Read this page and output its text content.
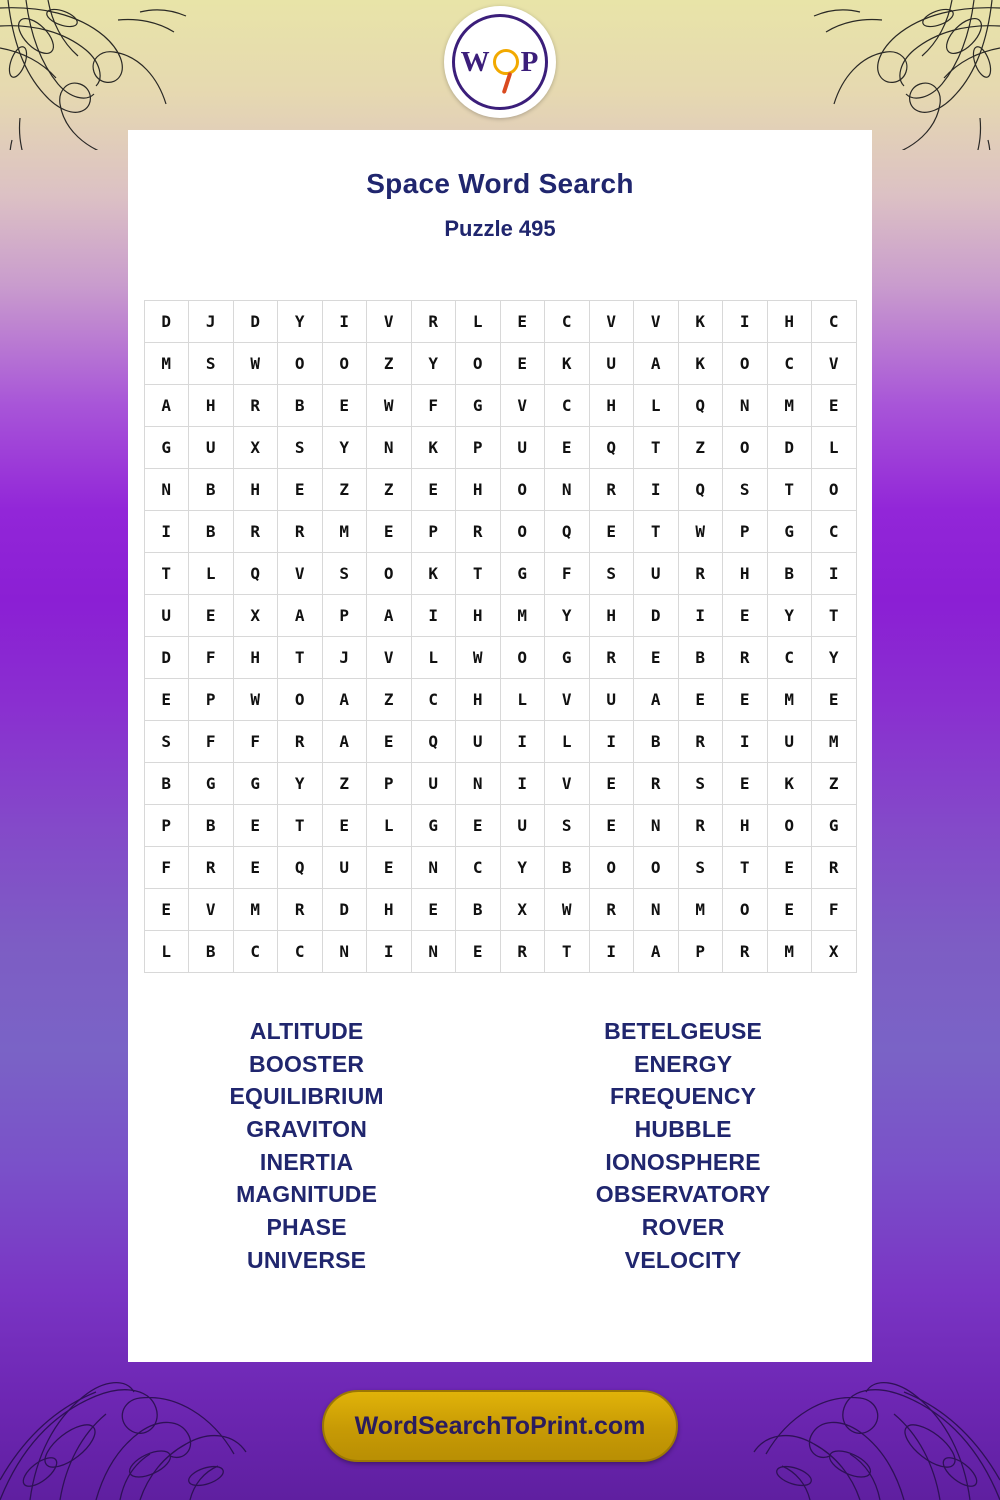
W P
Space Word Search
Puzzle 495
D	J	D	Y	I	V	R	L	E	C	V	V	K	I	H	C
M	S	W	O	O	Z	Y	O	E	K	U	A	K	O	C	V
A	H	R	B	E	W	F	G	V	C	H	L	Q	N	M	E
G	U	X	S	Y	N	K	P	U	E	Q	T	Z	O	D	L
N	B	H	E	Z	Z	E	H	O	N	R	I	Q	S	T	O
I	B	R	R	M	E	P	R	O	Q	E	T	W	P	G	C
T	L	Q	V	S	O	K	T	G	F	S	U	R	H	B	I
U	E	X	A	P	A	I	H	M	Y	H	D	I	E	Y	T
D	F	H	T	J	V	L	W	O	G	R	E	B	R	C	Y
E	P	W	O	A	Z	C	H	L	V	U	A	E	E	M	E
S	F	F	R	A	E	Q	U	I	L	I	B	R	I	U	M
B	G	G	Y	Z	P	U	N	I	V	E	R	S	E	K	Z
P	B	E	T	E	L	G	E	U	S	E	N	R	H	O	G
F	R	E	Q	U	E	N	C	Y	B	O	O	S	T	E	R
E	V	M	R	D	H	E	B	X	W	R	N	M	O	E	F
L	B	C	C	N	I	N	E	R	T	I	A	P	R	M	X
ALTITUDE
BOOSTER
EQUILIBRIUM
GRAVITON
INERTIA
MAGNITUDE
PHASE
UNIVERSE
BETELGEUSE
ENERGY
FREQUENCY
HUBBLE
IONOSPHERE
OBSERVATORY
ROVER
VELOCITY
WordSearchToPrint.com
